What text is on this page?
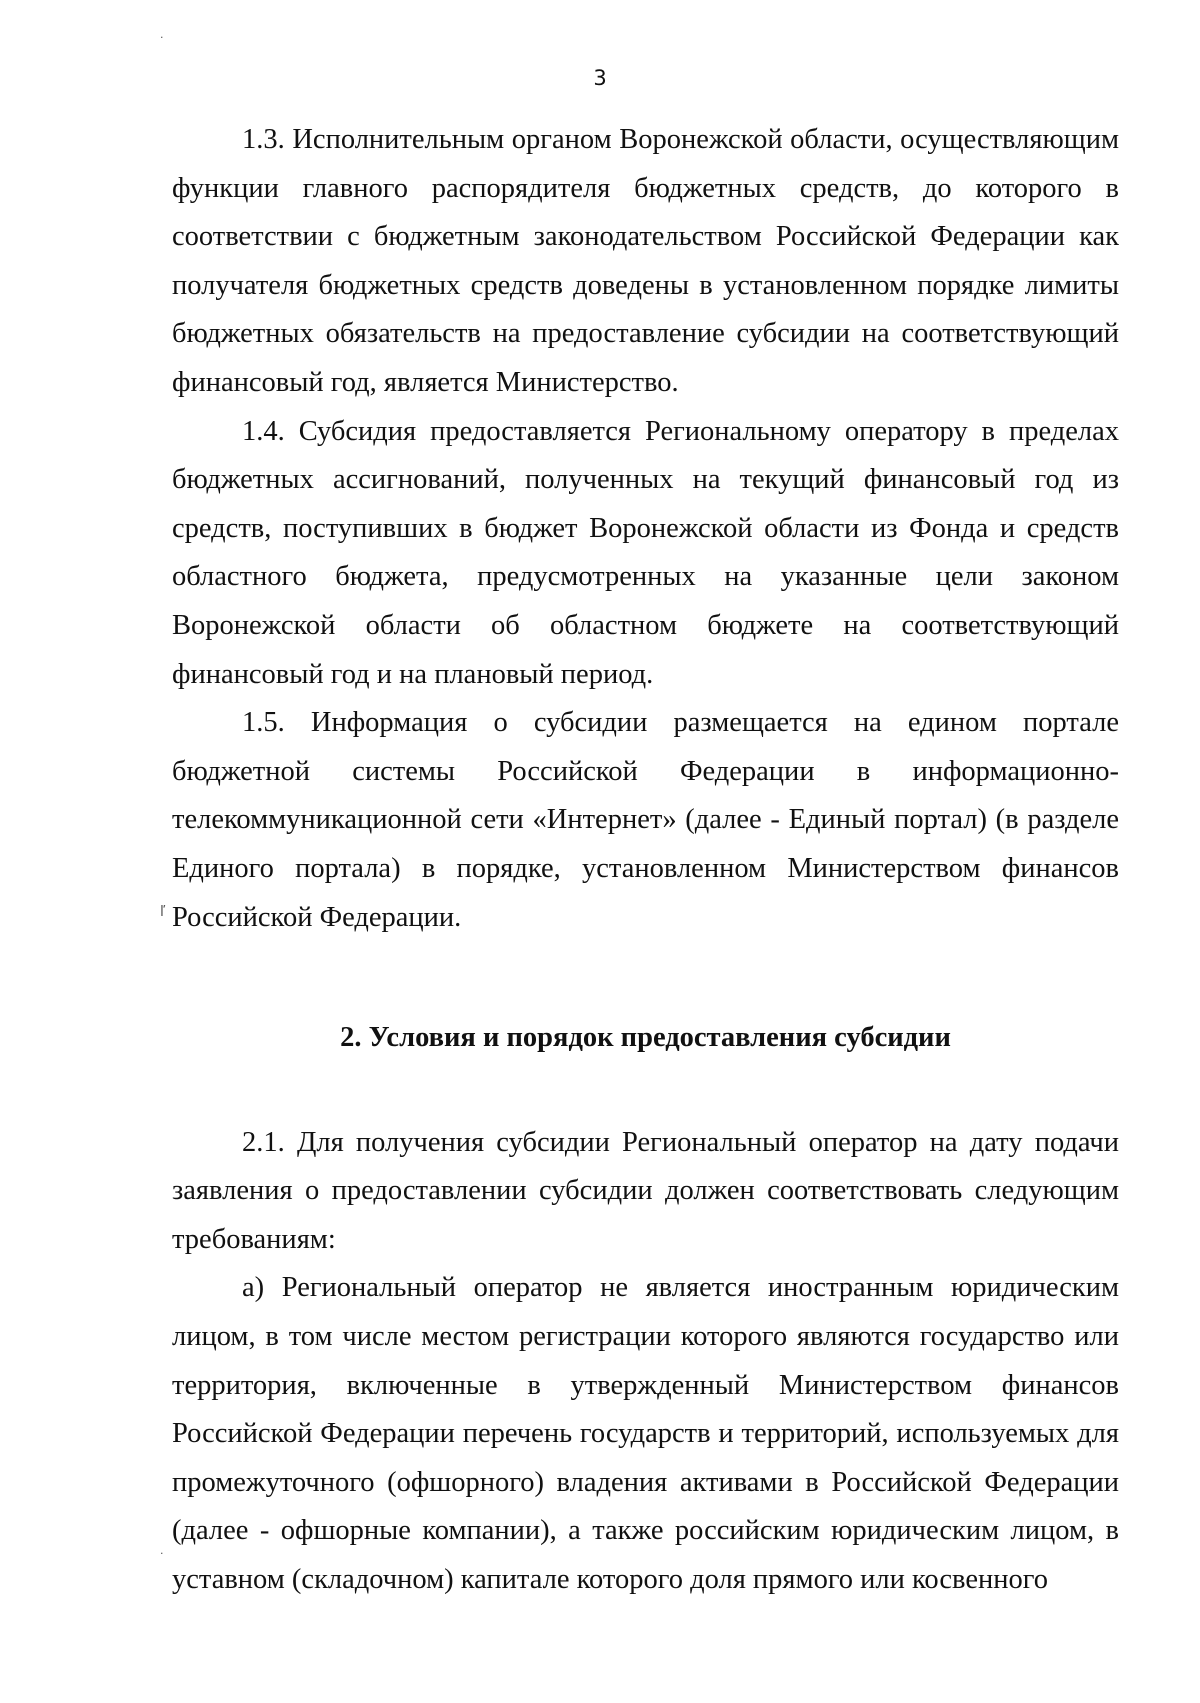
·
ľ
·
3

1.3. Исполнительным органом Воронежской области, осуществляющим функции главного распорядителя бюджетных средств, до которого в соответствии с бюджетным законодательством Российской Федерации как получателя бюджетных средств доведены в установленном порядке лимиты бюджетных обязательств на предоставление субсидии на соответствующий финансовый год, является Министерство.

1.4. Субсидия предоставляется Региональному оператору в пределах бюджетных ассигнований, полученных на текущий финансовый год из средств, поступивших в бюджет Воронежской области из Фонда и средств областного бюджета, предусмотренных на указанные цели законом Воронежской области об областном бюджете на соответствующий финансовый год и на плановый период.

1.5. Информация о субсидии размещается на едином портале бюджетной системы Российской Федерации в информационно-телекоммуникационной сети «Интернет» (далее - Единый портал) (в разделе Единого портала) в порядке, установленном Министерством финансов Российской Федерации.

2. Условия и порядок предоставления субсидии

2.1. Для получения субсидии Региональный оператор на дату подачи заявления о предоставлении субсидии должен соответствовать следующим требованиям:

а) Региональный оператор не является иностранным юридическим лицом, в том числе местом регистрации которого являются государство или территория, включенные в утвержденный Министерством финансов Российской Федерации перечень государств и территорий, используемых для промежуточного (офшорного) владения активами в Российской Федерации (далее - офшорные компании), а также российским юридическим лицом, в уставном (складочном) капитале которого доля прямого или косвенного
